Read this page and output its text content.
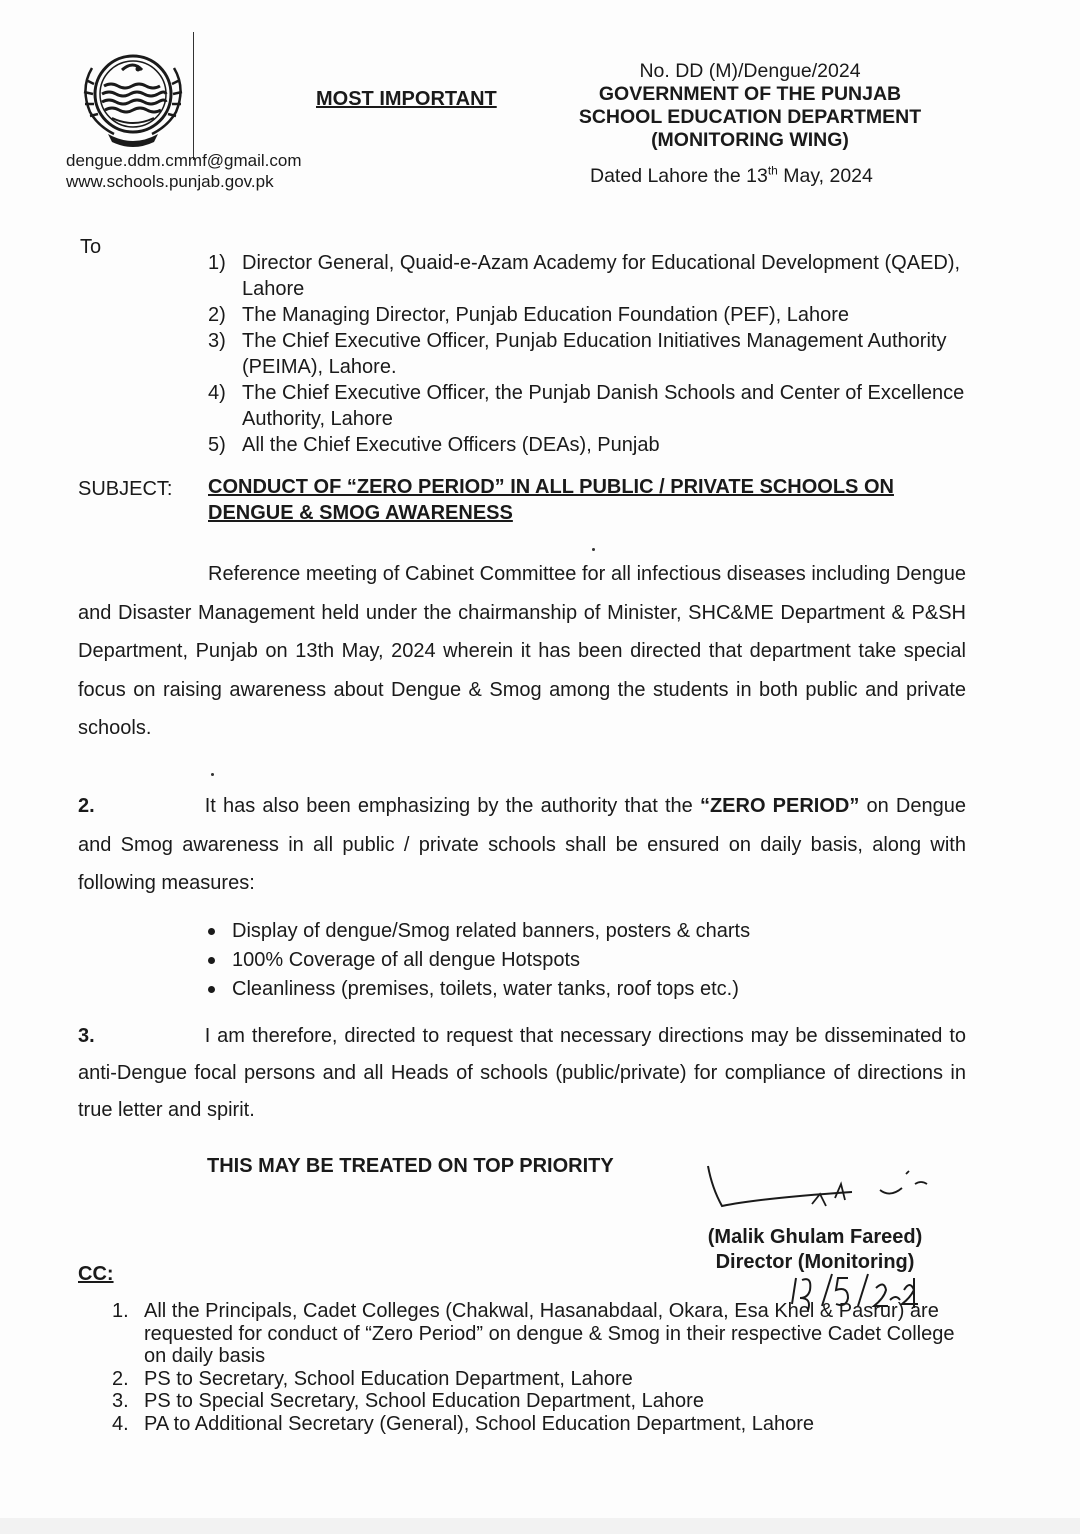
dengue.ddm.cmmf@gmail.com
www.schools.punjab.gov.pk
MOST IMPORTANT
No. DD (M)/Dengue/2024
GOVERNMENT OF THE PUNJAB
SCHOOL EDUCATION DEPARTMENT
(MONITORING WING)
Dated Lahore the 13th May, 2024
To
1) Director General, Quaid-e-Azam Academy for Educational Development (QAED), Lahore
2) The Managing Director, Punjab Education Foundation (PEF), Lahore
3) The Chief Executive Officer, Punjab Education Initiatives Management Authority (PEIMA), Lahore.
4) The Chief Executive Officer, the Punjab Danish Schools and Center of Excellence Authority, Lahore
5) All the Chief Executive Officers (DEAs), Punjab
SUBJECT: CONDUCT OF “ZERO PERIOD” IN ALL PUBLIC / PRIVATE SCHOOLS ON DENGUE & SMOG AWARENESS
Reference meeting of Cabinet Committee for all infectious diseases including Dengue and Disaster Management held under the chairmanship of Minister, SHC&ME Department & P&SH Department, Punjab on 13th May, 2024 wherein it has been directed that department take special focus on raising awareness about Dengue & Smog among the students in both public and private schools.
2.	It has also been emphasizing by the authority that the “ZERO PERIOD” on Dengue and Smog awareness in all public / private schools shall be ensured on daily basis, along with following measures:
Display of dengue/Smog related banners, posters & charts
100% Coverage of all dengue Hotspots
Cleanliness (premises, toilets, water tanks, roof tops etc.)
3.	I am therefore, directed to request that necessary directions may be disseminated to anti-Dengue focal persons and all Heads of schools (public/private) for compliance of directions in true letter and spirit.
THIS MAY BE TREATED ON TOP PRIORITY
(Malik Ghulam Fareed)
Director (Monitoring)
CC:
1. All the Principals, Cadet Colleges (Chakwal, Hasanabdaal, Okara, Esa Khel & Pasrur) are requested for conduct of “Zero Period” on dengue & Smog in their respective Cadet College on daily basis
2. PS to Secretary, School Education Department, Lahore
3. PS to Special Secretary, School Education Department, Lahore
4. PA to Additional Secretary (General), School Education Department, Lahore
